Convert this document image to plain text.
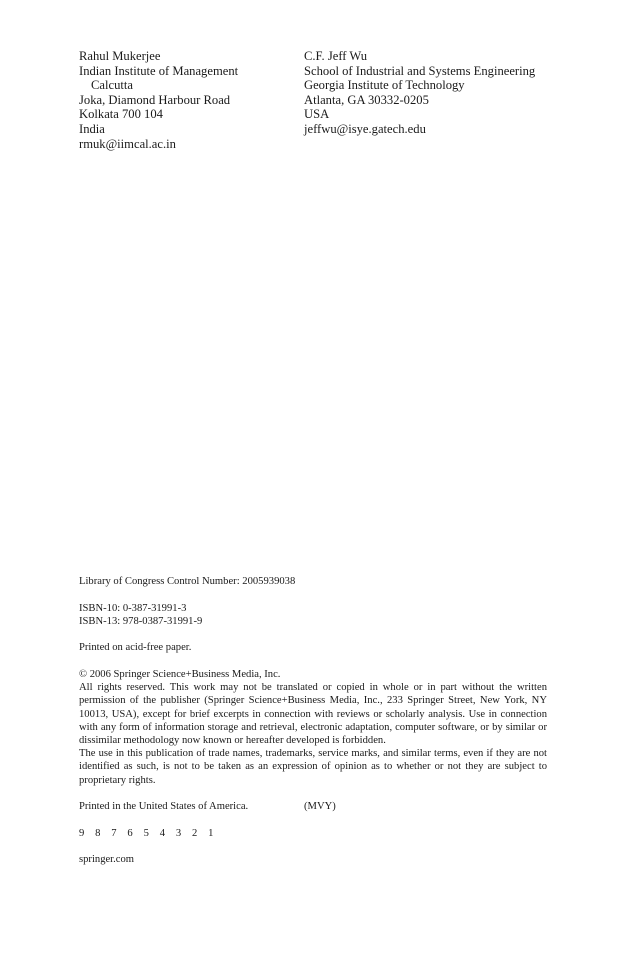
Rahul Mukerjee
Indian Institute of Management
Calcutta
Joka, Diamond Harbour Road
Kolkata 700 104
India
rmuk@iimcal.ac.in
C.F. Jeff Wu
School of Industrial and Systems Engineering
Georgia Institute of Technology
Atlanta, GA 30332-0205
USA
jeffwu@isye.gatech.edu

Library of Congress Control Number: 2005939038

ISBN-10: 0-387-31991-3

ISBN-13: 978-0387-31991-9

Printed on acid-free paper.

© 2006 Springer Science+Business Media, Inc.

All rights reserved. This work may not be translated or copied in whole or in part without the written permission of the publisher (Springer Science+Business Media, Inc., 233 Springer Street, New York, NY 10013, USA), except for brief excerpts in connection with reviews or scholarly analysis. Use in connection with any form of information storage and retrieval, electronic adaptation, computer software, or by similar or dissimilar methodology now known or hereafter developed is forbidden.

The use in this publication of trade names, trademarks, service marks, and similar terms, even if they are not identified as such, is not to be taken as an expression of opinion as to whether or not they are subject to proprietary rights.

Printed in the United States of America.	(MVY)

9 8 7 6 5 4 3 2 1

springer.com
